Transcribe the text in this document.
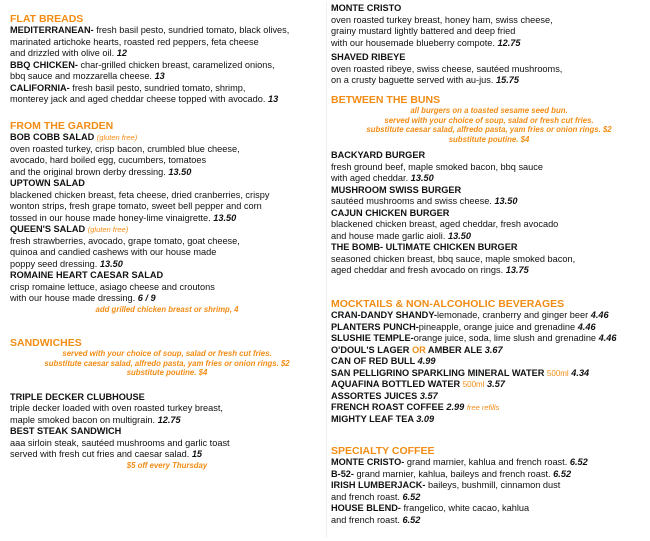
FLAT BREADS
MEDITERRANEAN- fresh basil pesto, sundried tomato, black olives,
marinated artichoke hearts, roasted red peppers, feta cheese
and drizzled with olive oil. 12
BBQ CHICKEN- char-grilled chicken breast, caramelized onions,
bbq sauce and mozzarella cheese. 13
CALIFORNIA- fresh basil pesto, sundried tomato, shrimp,
monterey jack and aged cheddar cheese topped with avocado. 13
FROM THE GARDEN
BOB COBB SALAD (gluten free)
oven roasted turkey, crisp bacon, crumbled blue cheese,
avocado, hard boiled egg, cucumbers, tomatoes
and the original brown derby dressing. 13.50
UPTOWN SALAD
blackened chicken breast, feta cheese, dried cranberries, crispy
wonton strips, fresh grape tomato, sweet bell pepper and corn
tossed in our house made honey-lime vinaigrette. 13.50
QUEEN'S SALAD (gluten free)
fresh strawberries, avocado, grape tomato, goat cheese,
quinoa and candied cashews with our house made
poppy seed dressing. 13.50
ROMAINE HEART CAESAR SALAD
crisp romaine lettuce, asiago cheese and croutons
with our house made dressing. 6 / 9
add grilled chicken breast or shrimp, 4
SANDWICHES
served with your choice of soup, salad or fresh cut fries.
substitute caesar salad, alfredo pasta, yam fries or onion rings. $2
substitute poutine. $4
TRIPLE DECKER CLUBHOUSE
triple decker loaded with oven roasted turkey breast,
maple smoked bacon on multigrain. 12.75
BEST STEAK SANDWICH
aaa sirloin steak, sautéed mushrooms and garlic toast
served with fresh cut fries and caesar salad. 15
$5 off every Thursday
MONTE CRISTO
oven roasted turkey breast, honey ham, swiss cheese,
grainy mustard lightly battered and deep fried
with our housemade blueberry compote. 12.75
SHAVED RIBEYE
oven roasted ribeye, swiss cheese, sautéed mushrooms,
on a crusty baguette served with au-jus. 15.75
BETWEEN THE BUNS
all burgers on a toasted sesame seed bun.
served with your choice of soup, salad or fresh cut fries.
substitute caesar salad, alfredo pasta, yam fries or onion rings. $2
substitute poutine. $4
BACKYARD BURGER
fresh ground beef, maple smoked bacon, bbq sauce
with aged cheddar. 13.50
MUSHROOM SWISS BURGER
sautéed mushrooms and swiss cheese. 13.50
CAJUN CHICKEN BURGER
blackened chicken breast, aged cheddar, fresh avocado
and house made garlic aioli. 13.50
THE BOMB- ULTIMATE CHICKEN BURGER
seasoned chicken breast, bbq sauce, maple smoked bacon,
aged cheddar and fresh avocado on rings. 13.75
MOCKTAILS & NON-ALCOHOLIC BEVERAGES
CRAN-DANDY SHANDY-lemonade, cranberry and ginger beer 4.46
PLANTERS PUNCH-pineapple, orange juice and grenadine 4.46
SLUSHIE TEMPLE-orange juice, soda, lime slush and grenadine 4.46
O'DOUL'S LAGER OR AMBER ALE 3.67
CAN OF RED BULL 4.99
SAN PELLIGRINO SPARKLING MINERAL WATER 500ml 4.34
AQUAFINA BOTTLED WATER 500ml 3.57
ASSORTES JUICES 3.57
FRENCH ROAST COFFEE 2.99 free refills
MIGHTY LEAF TEA 3.09
SPECIALTY COFFEE
MONTE CRISTO- grand marnier, kahlua and french roast. 6.52
B-52- grand marnier, kahlua, baileys and french roast. 6.52
IRISH LUMBERJACK- baileys, bushmill, cinnamon dust
and french roast. 6.52
HOUSE BLEND- frangelico, white cacao, kahlua
and french roast. 6.52
